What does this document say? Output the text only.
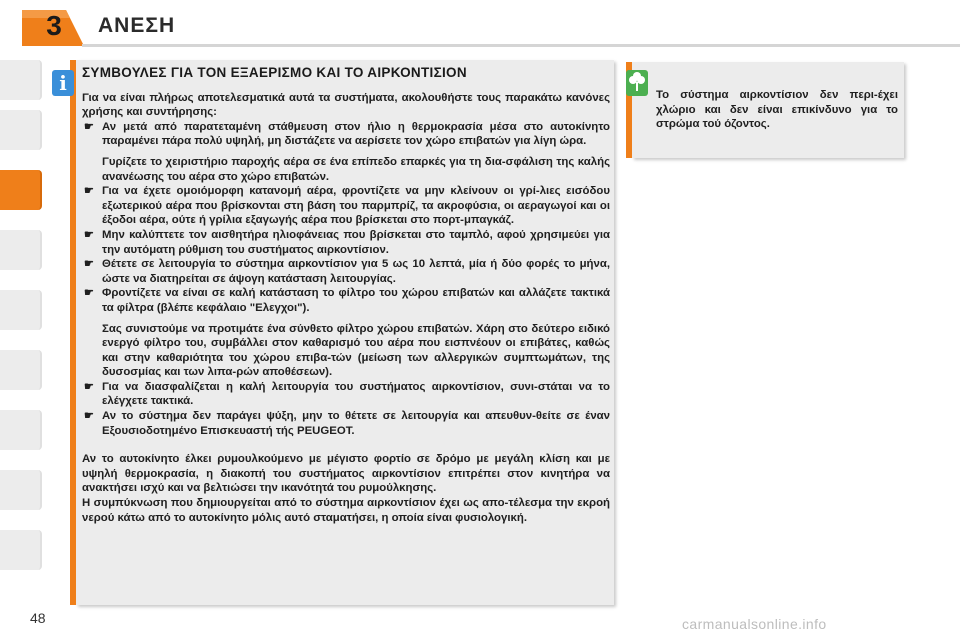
3 ΑΝΕΣΗ
i	ΣΥΜΒΟΥΛΕΣ ΓΙΑ ΤΟΝ ΕΞΑΕΡΙΣΜΟ ΚΑΙ ΤΟ ΑΙΡΚΟΝΤΙΣΙΟΝ
Για να είναι πλήρως αποτελεσματικά αυτά τα συστήματα, ακολουθήστε τους παρακάτω κανόνες χρήσης και συντήρησης:
☛ Αν μετά από παρατεταμένη στάθμευση στον ήλιο η θερμοκρασία μέσα στο αυτοκίνητο παραμένει πάρα πολύ υψηλή, μη διστάζετε να αερίσετε τον χώρο επιβατών για λίγη ώρα.
Γυρίζετε το χειριστήριο παροχής αέρα σε ένα επίπεδο επαρκές για τη δια-σφάλιση της καλής ανανέωσης του αέρα στο χώρο επιβατών.
☛ Για να έχετε ομοιόμορφη κατανομή αέρα, φροντίζετε να μην κλείνουν οι γρί-λιες εισόδου εξωτερικού αέρα που βρίσκονται στη βάση του παρμπρίζ, τα ακροφύσια, οι αεραγωγοί και οι έξοδοι αέρα, ούτε ή γρίλια εξαγωγής αέρα που βρίσκεται στο πορτ-μπαγκάζ.
☛ Μην καλύπτετε τον αισθητήρα ηλιοφάνειας που βρίσκεται στο ταμπλό, αφού χρησιμεύει για την αυτόματη ρύθμιση του συστήματος αιρκοντίσιον.
☛ Θέτετε σε λειτουργία το σύστημα αιρκοντίσιον για 5 ως 10 λεπτά, μία ή δύο φορές το μήνα, ώστε να διατηρείται σε άψογη κατάσταση λειτουργίας.
☛ Φροντίζετε να είναι σε καλή κατάσταση το φίλτρο του χώρου επιβατών και αλλάζετε τακτικά τα φίλτρα (βλέπε κεφάλαιο "Ελεγχοι").
Σας συνιστούμε να προτιμάτε ένα σύνθετο φίλτρο χώρου επιβατών. Χάρη στο δεύτερο ειδικό ενεργό φίλτρο του, συμβάλλει στον καθαρισμό του αέρα που εισπνέουν οι επιβάτες, καθώς και στην καθαριότητα του χώρου επιβα-τών (μείωση των αλλεργικών συμπτωμάτων, της δυσοσμίας και των λιπα-ρών αποθέσεων).
☛ Για να διασφαλίζεται η καλή λειτουργία του συστήματος αιρκοντίσιον, συνι-στάται να το ελέγχετε τακτικά.
☛ Αν το σύστημα δεν παράγει ψύξη, μην το θέτετε σε λειτουργία και απευθυν-θείτε σε έναν Εξουσιοδοτημένο Επισκευαστή τής PEUGEOT.
Αν το αυτοκίνητο έλκει ρυμουλκούμενο με μέγιστο φορτίο σε δρόμο με μεγάλη κλίση και με υψηλή θερμοκρασία, η διακοπή του συστήματος αιρκοντίσιον επιτρέπει στον κινητήρα να ανακτήσει ισχύ και να βελτιώσει την ικανότητά του ρυμούλκησης.
Η συμπύκνωση που δημιουργείται από το σύστημα αιρκοντίσιον έχει ως απο-τέλεσμα την εκροή νερού κάτω από το αυτοκίνητο μόλις αυτό σταματήσει, η οποία είναι φυσιολογική.
Το σύστημα αιρκοντίσιον δεν περι-έχει χλώριο και δεν είναι επικίνδυνο για το στρώμα τού όζοντος.
48	carmanualsonline.info
